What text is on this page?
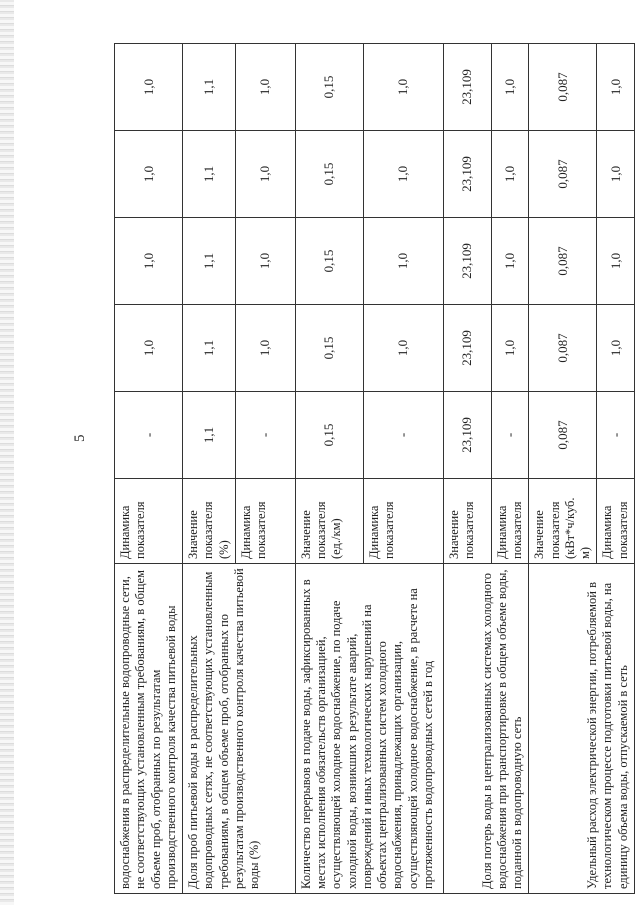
5
водоснабжения в распределительные водопроводные сети, не соответствующих установленным требованиям, в общем объеме проб, отобранных по результатам производственного контроля качества питьевой воды	Динамика показателя	-	1,0	1,0	1,0	1,0
Доля проб питьевой воды в распределительных водопроводных сетях, не соответствующих установленным требованиям, в общем объеме проб, отобранных по результатам производственного контроля качества питьевой воды (%)	Значение показателя (%)	1,1	1,1	1,1	1,1	1,1
	Динамика показателя	-	1,0	1,0	1,0	1,0
Количество перерывов в подаче воды, зафиксированных в местах исполнения обязательств организацией, осуществляющей холодное водоснабжение, по подаче холодной воды, возникших в результате аварий, повреждений и иных технологических нарушений на объектах централизованных систем холодного водоснабжения, принадлежащих организации, осуществляющей холодное водоснабжение, в расчете на протяженность водопроводных сетей в год	Значение показателя (ед./км)	0,15	0,15	0,15	0,15	0,15
	Динамика показателя	-	1,0	1,0	1,0	1,0
Доля потерь воды в централизованных системах холодного водоснабжения при транспортировке в общем объеме воды, поданной в водопроводную сеть	Значение показателя	23,109	23,109	23,109	23,109	23,109
	Динамика показателя	-	1,0	1,0	1,0	1,0
Удельный расход электрической энергии, потребляемой в технологическом процессе подготовки питьевой воды, на единицу объема воды, отпускаемой в сеть	Значение показателя (кВт*ч/куб. м)	0,087	0,087	0,087	0,087	0,087
	Динамика показателя	-	1,0	1,0	1,0	1,0
